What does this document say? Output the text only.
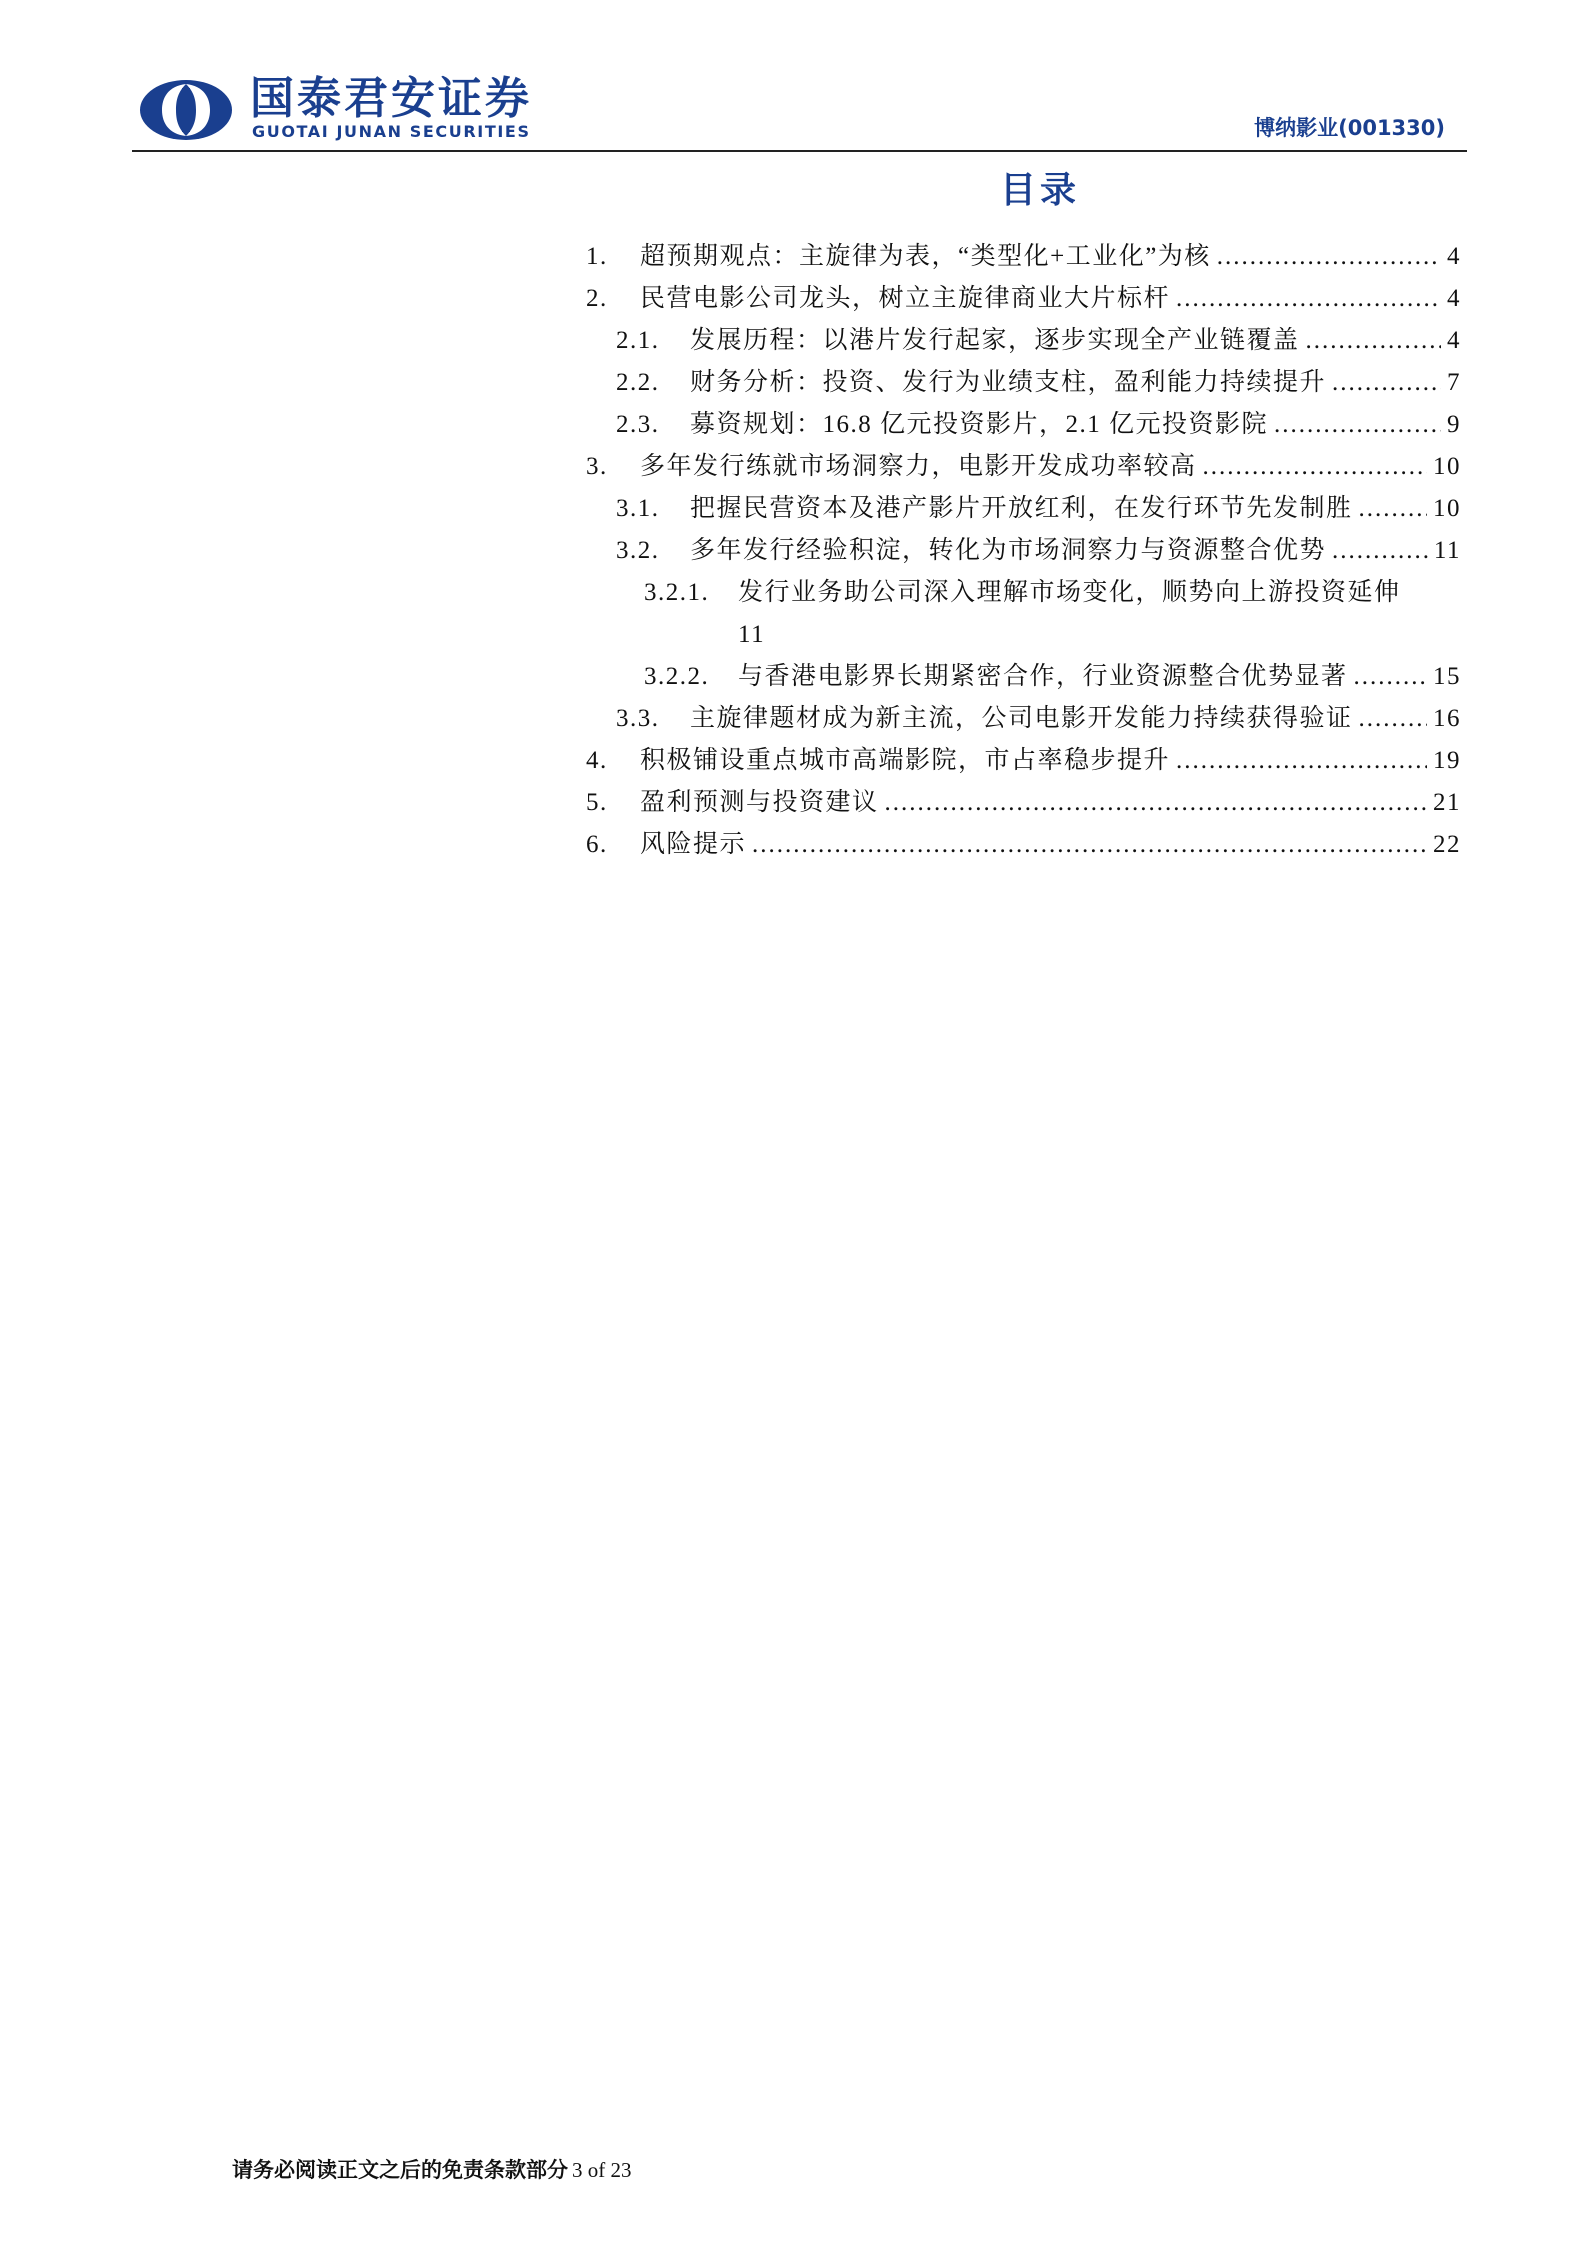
国泰君安证券
GUOTAI JUNAN SECURITIES	博纳影业(001330)
目录
1.	超预期观点：主旋律为表，“类型化+工业化”为核 .....	4
2.	民营电影公司龙头，树立主旋律商业大片标杆 .....	4
2.1.	发展历程：以港片发行起家，逐步实现全产业链覆盖 .....	4
2.2.	财务分析：投资、发行为业绩支柱，盈利能力持续提升 .....	7
2.3.	募资规划：16.8 亿元投资影片，2.1 亿元投资影院 .....	9
3.	多年发行练就市场洞察力，电影开发成功率较高 .....	10
3.1.	把握民营资本及港产影片开放红利，在发行环节先发制胜 .....	10
3.2.	多年发行经验积淀，转化为市场洞察力与资源整合优势 .....	11
3.2.1.	发行业务助公司深入理解市场变化，顺势向上游投资延伸
11
3.2.2.	与香港电影界长期紧密合作，行业资源整合优势显著 .....	15
3.3.	主旋律题材成为新主流，公司电影开发能力持续获得验证 .....	16
4.	积极铺设重点城市高端影院，市占率稳步提升 .....	19
5.	盈利预测与投资建议 .....	21
6.	风险提示 .....	22
请务必阅读正文之后的免责条款部分 3 of 23
